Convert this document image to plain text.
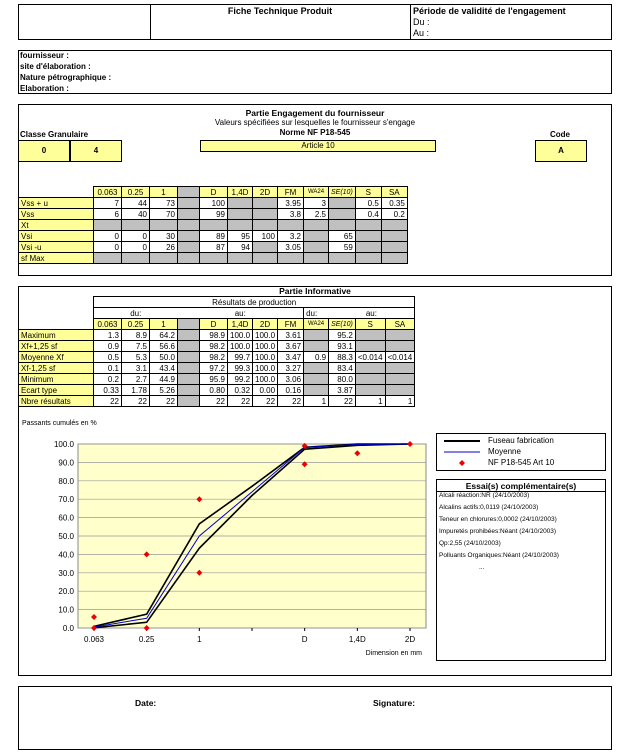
Fiche Technique Produit	Période de validité de l'engagement
Du :
Au :
fournisseur :
site d'élaboration :
Nature pétrographique :
Elaboration :
Partie Engagement du fournisseur
Valeurs spécifiées sur lesquelles le fournisseur s'engage
Norme NF P18-545
Article 10
Classe Granulaire
0	4
Code
A
	0.063	0.25	1		D	1,4D	2D	FM	WA24	SE(10)	S	SA
Vss + u	7	44	73		100			3.95	3		0.5	0.35
Vss	6	40	70		99			3.8	2.5		0.4	0.2
Xt												
Vsi	0	0	30		89	95	100	3.2		65		
Vsi -u	0	0	26		87	94		3.05		59		
sf Max												
Partie Informative
	Résultats de production											
	du:			au:					du:	au:		
	0.063	0.25	1		D	1,4D	2D	FM	WA24	SE(10)	S	SA
Maximum	1.3	8.9	64.2		98.9	100.0	100.0	3.61		95.2		
Xf+1,25 sf	0.9	7.5	56.6		98.2	100.0	100.0	3.67		93.1		
Moyenne Xf	0.5	5.3	50.0		98.2	99.7	100.0	3.47	0.9	88.3	<0.014	<0.014
Xf-1,25 sf	0.1	3.1	43.4		97.2	99.3	100.0	3.27		83.4		
Minimum	0.2	2.7	44.9		95.9	99.2	100.0	3.06		80.0		
Ecart type	0.33	1.78	5.26		0.80	0.32	0.00	0.16		3.87		
Nbre résultats	22	22	22		22	22	22	22	1	22	1	1
Passants cumulés en %
0.0
10.0
20.0
30.0
40.0
50.0
60.0
70.0
80.0
90.0
100.0
0.063	0.25	1	D	1,4D	2D
Dimension en mm
Fuseau fabrication
Moyenne
NF P18-545 Art 10
Essai(s) complémentaire(s)
Alcali réaction:NR (24/10/2003)
Alcalins actifs:0,0119 (24/10/2003)
Teneur en chlorures:0,0002 (24/10/2003)
Impuretés prohibées:Néant (24/10/2003)
Qp:2,55 (24/10/2003)
Polluants Organiques:Néant (24/10/2003)
...
Date:	Signature:
